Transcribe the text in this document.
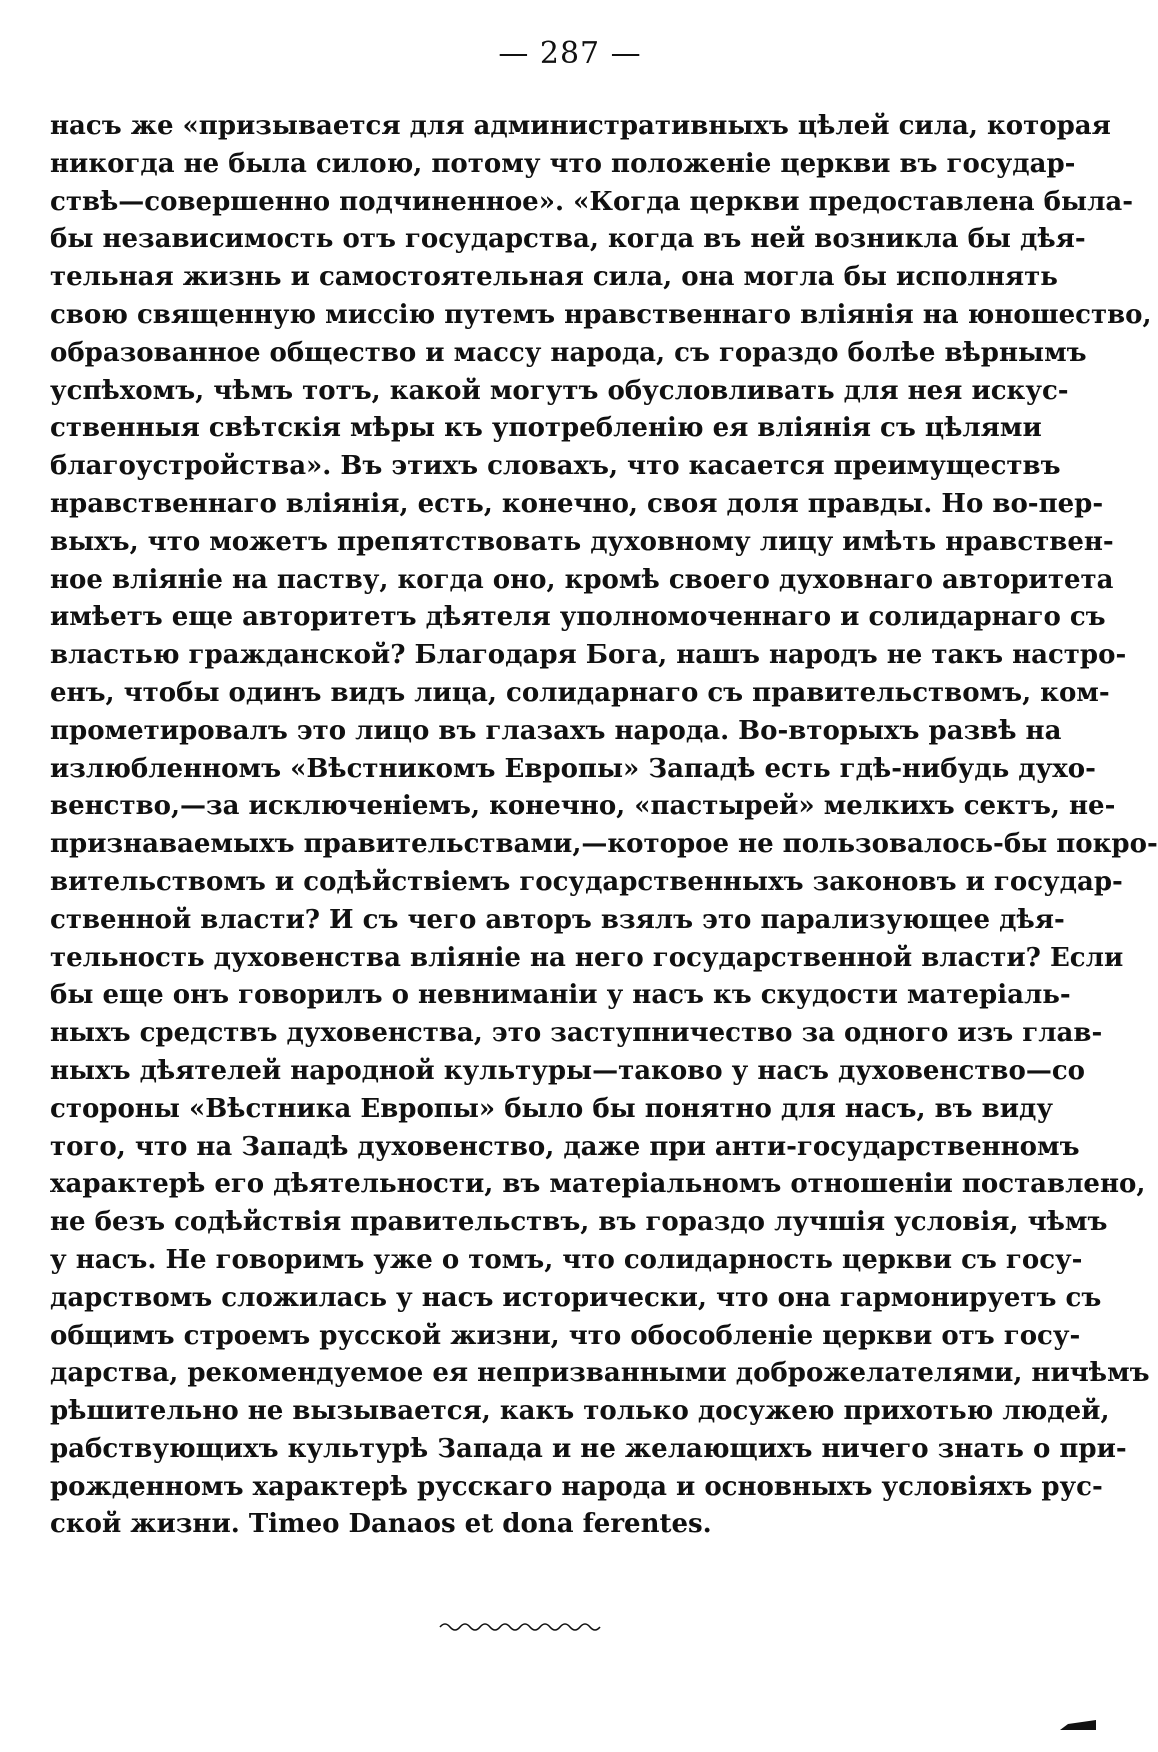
— 287 —
насъ же «призывается для административныхъ цѣлей сила, которая
никогда не была силою, потому что положеніе церкви въ государ-
ствѣ—совершенно подчиненное». «Когда церкви предоставлена была-
бы независимость отъ государства, когда въ ней возникла бы дѣя-
тельная жизнь и самостоятельная сила, она могла бы исполнять
свою священную миссію путемъ нравственнаго вліянія на юношество,
образованное общество и массу народа, съ гораздо болѣе вѣрнымъ
успѣхомъ, чѣмъ тотъ, какой могутъ обусловливать для нея искус-
ственныя свѣтскія мѣры къ употребленію ея вліянія съ цѣлями
благоустройства». Въ этихъ словахъ, что касается преимуществъ
нравственнаго вліянія, есть, конечно, своя доля правды. Но во-пер-
выхъ, что можетъ препятствовать духовному лицу имѣть нравствен-
ное вліяніе на паству, когда оно, кромѣ своего духовнаго авторитета
имѣетъ еще авторитетъ дѣятеля уполномоченнаго и солидарнаго съ
властью гражданской? Благодаря Бога, нашъ народъ не такъ настро-
енъ, чтобы одинъ видъ лица, солидарнаго съ правительствомъ, ком-
прометировалъ это лицо въ глазахъ народа. Во-вторыхъ развѣ на
излюбленномъ «Вѣстникомъ Европы» Западѣ есть гдѣ-нибудь духо-
венство,—за исключеніемъ, конечно, «пастырей» мелкихъ сектъ, не-
признаваемыхъ правительствами,—которое не пользовалось-бы покро-
вительствомъ и содѣйствіемъ государственныхъ законовъ и государ-
ственной власти? И съ чего авторъ взялъ это парализующее дѣя-
тельность духовенства вліяніе на него государственной власти? Если
бы еще онъ говорилъ о невниманіи у насъ къ скудости матеріаль-
ныхъ средствъ духовенства, это заступничество за одного изъ глав-
ныхъ дѣятелей народной культуры—таково у насъ духовенство—со
стороны «Вѣстника Европы» было бы понятно для насъ, въ виду
того, что на Западѣ духовенство, даже при анти-государственномъ
характерѣ его дѣятельности, въ матеріальномъ отношеніи поставлено,
не безъ содѣйствія правительствъ, въ гораздо лучшія условія, чѣмъ
у насъ. Не говоримъ уже о томъ, что солидарность церкви съ госу-
дарствомъ сложилась у насъ исторически, что она гармонируетъ съ
общимъ строемъ русской жизни, что обособленіе церкви отъ госу-
дарства, рекомендуемое ея непризванными доброжелателями, ничѣмъ
рѣшительно не вызывается, какъ только досужею прихотью людей,
рабствующихъ культурѣ Запада и не желающихъ ничего знать о при-
рожденномъ характерѣ русскаго народа и основныхъ условіяхъ рус-
ской жизни. Timeo Danaos et dona ferentes.
